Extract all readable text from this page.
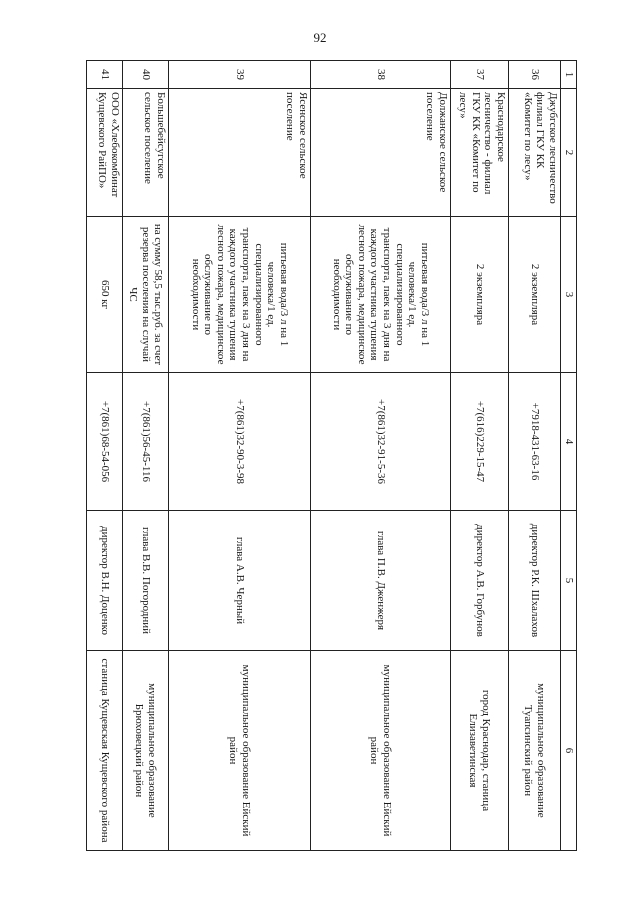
92
1	2	3	4	5	6
36	Джубгское лесничество филиал ГКУ КК «Комитет по лесу»	2 экземпляра	+7918-431-63-16	директор Р.К. Шхалахов	муниципальное образование Туапсинский район
37	Краснодарское лесничество - филиал ГКУ КК «Комитет по лесу»	2 экземпляра	+7(616)229-15-47	директор А.В. Горбунов	город Краснодар, станица Елизаветинская
38	Должанское сельское поселение	питьевая вода/3 л на 1 человека/1 ед. специализированного транспорта, паек на 3 дня на каждого участника тушения лесного пожара, медицинское обслуживание по необходимости	+7(861)32-91-5-36	глава П.В. Дженжеря	муниципальное образование Ейский район
39	Ясенское сельское поселение	питьевая вода/3 л на 1 человека/1 ед. специализированного транспорта, паек на 3 дня на каждого участника тушения лесного пожара, медицинское обслуживание по необходимости	+7(861)32-90-3-98	глава А.В. Черный	муниципальное образование Ейский район
40	Большебейсугское сельское поселение	на сумму 58,5 тыс.руб. за счет резерва поселения на случай ЧС	+7(861)56-45-116	глава В.В. Погородний	муниципальное образование Брюховецкий район
41	ООО «Хлебокомбинат Кущевского РайПО»	650 кг	+7(861)68-54-056	директор В.Н. Доценко	станица Кущевская Кущевского района
